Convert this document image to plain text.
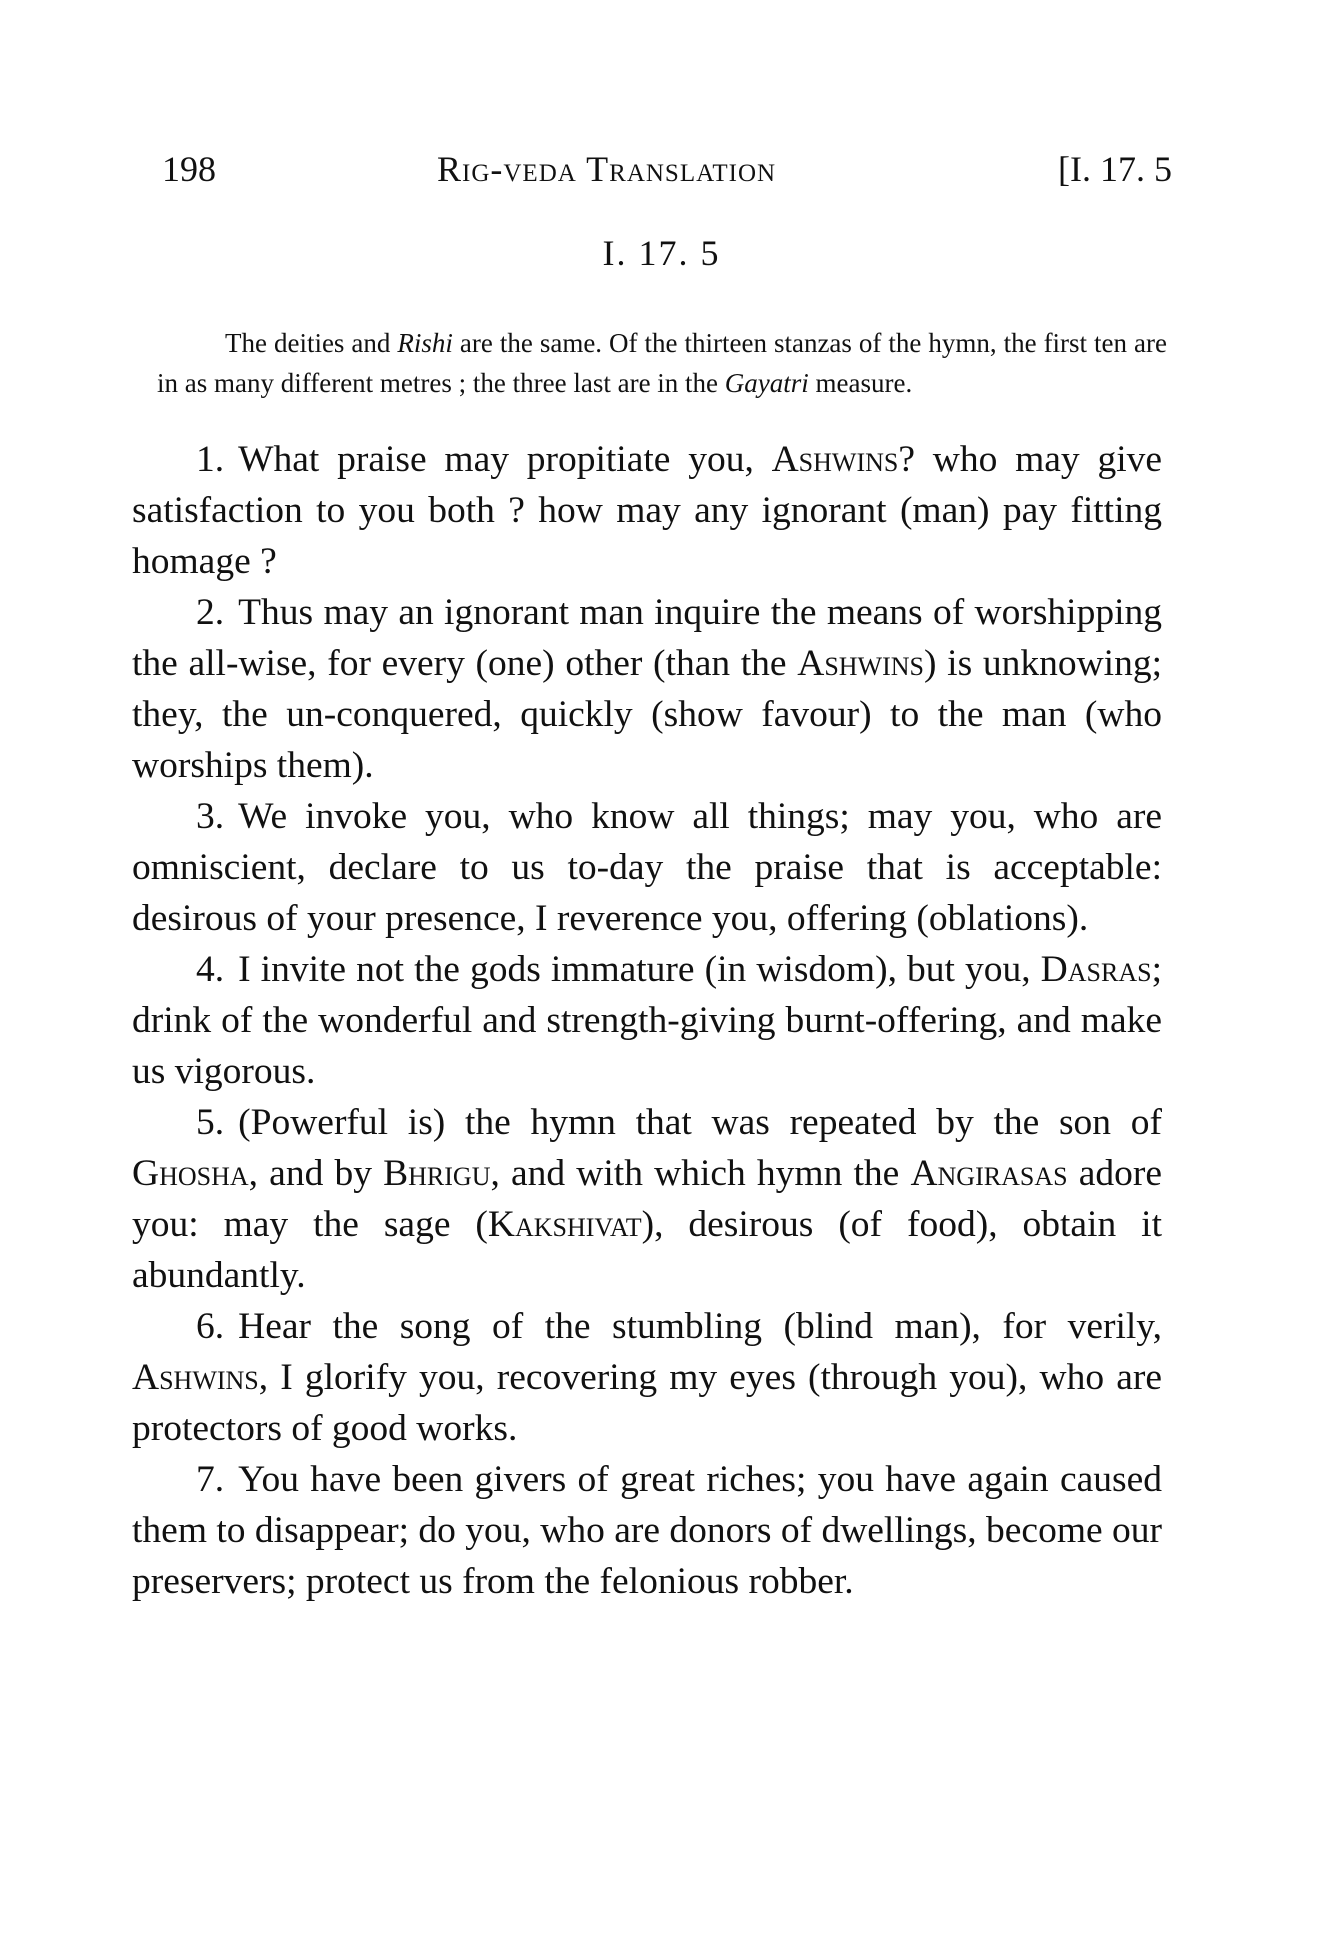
198	Rig-veda Translation	[I. 17. 5
I. 17. 5

The deities and Rishi are the same. Of the thirteen stanzas of the hymn, the first ten are in as many different metres ; the three last are in the Gayatri measure.

1. What praise may propitiate you, Ashwins? who may give satisfaction to you both ? how may any ignorant (man) pay fitting homage ?

2. Thus may an ignorant man inquire the means of worshipping the all-wise, for every (one) other (than the Ashwins) is unknowing; they, the un-conquered, quickly (show favour) to the man (who worships them).

3. We invoke you, who know all things; may you, who are omniscient, declare to us to-day the praise that is acceptable: desirous of your presence, I reverence you, offering (oblations).

4. I invite not the gods immature (in wisdom), but you, Dasras; drink of the wonderful and strength-giving burnt-offering, and make us vigorous.

5. (Powerful is) the hymn that was repeated by the son of Ghosha, and by Bhrigu, and with which hymn the Angirasas adore you: may the sage (Kakshivat), desirous (of food), obtain it abundantly.

6. Hear the song of the stumbling (blind man), for verily, Ashwins, I glorify you, recovering my eyes (through you), who are protectors of good works.

7. You have been givers of great riches; you have again caused them to disappear; do you, who are donors of dwellings, become our preservers; protect us from the felonious robber.
